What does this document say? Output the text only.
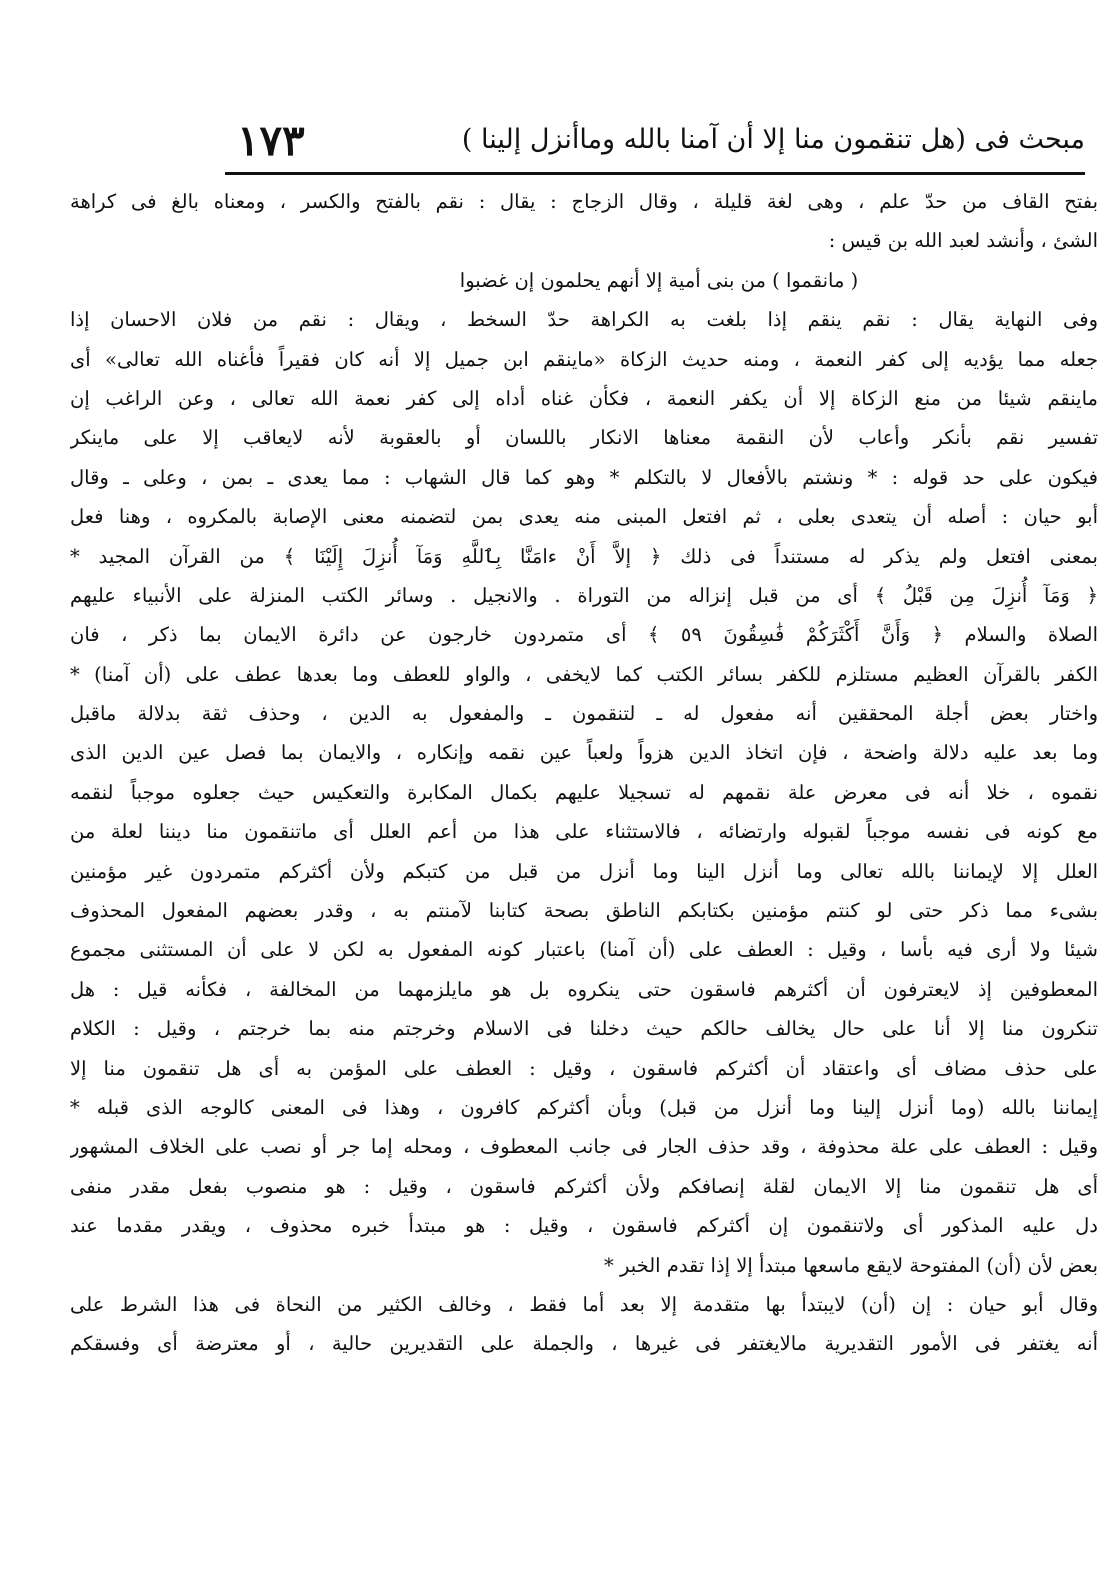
مبحث فى (هل تنقمون منا إلا أن آمنا بالله وماأنزل إلينا )
١٧٣
بفتح القاف من حدّ علم ، وهى لغة قليلة ، وقال الزجاج : يقال : نقم بالفتح والكسر ، ومعناه بالغ فى كراهة
الشئ ، وأنشد لعبد الله بن قيس :
( مانقموا ) من بنى أمية إلا أنهم يحلمون إن غضبوا
وفى النهاية يقال : نقم ينقم إذا بلغت به الكراهة حدّ السخط ، ويقال : نقم من فلان الاحسان إذا
جعله مما يؤديه إلى كفر النعمة ، ومنه حديث الزكاة «ماينقم ابن جميل إلا أنه كان فقيراً فأغناه الله تعالى» أى
ماينقم شيئا من منع الزكاة إلا أن يكفر النعمة ، فكأن غناه أداه إلى كفر نعمة الله تعالى ، وعن الراغب إن
تفسير نقم بأنكر وأعاب لأن النقمة معناها الانكار باللسان أو بالعقوبة لأنه لايعاقب إلا على ماينكر
فيكون على حد قوله : * ونشتم بالأفعال لا بالتكلم * وهو كما قال الشهاب : مما يعدى ـ بمن ، وعلى ـ وقال
أبو حيان : أصله أن يتعدى بعلى ، ثم افتعل المبنى منه يعدى بمن لتضمنه معنى الإصابة بالمكروه ، وهنا فعل
بمعنى افتعل ولم يذكر له مستنداً فى ذلك ﴿ إلاَّ أَنْ ءامَنَّا بِٱللَّهِ وَمَآ أُنزِلَ إِلَيْنَا ﴾ من القرآن المجيد *
﴿ وَمَآ أُنزِلَ مِن قَبْلُ ﴾ أى من قبل إنزاله من التوراة . والانجيل . وسائر الكتب المنزلة على الأنبياء عليهم
الصلاة والسلام ﴿ وَأَنَّ أَكْثَرَكُمْ فَٰسِقُونَ ٥٩ ﴾ أى متمردون خارجون عن دائرة الايمان بما ذكر ، فان
الكفر بالقرآن العظيم مستلزم للكفر بسائر الكتب كما لايخفى ، والواو للعطف وما بعدها عطف على (أن آمنا) *
واختار بعض أجلة المحققين أنه مفعول له ـ لتنقمون ـ والمفعول به الدين ، وحذف ثقة بدلالة ماقبل
وما بعد عليه دلالة واضحة ، فإن اتخاذ الدين هزواً ولعباً عين نقمه وإنكاره ، والايمان بما فصل عين الدين الذى
نقموه ، خلا أنه فى معرض علة نقمهم له تسجيلا عليهم بكمال المكابرة والتعكيس حيث جعلوه موجباً لنقمه
مع كونه فى نفسه موجباً لقبوله وارتضائه ، فالاستثناء على هذا من أعم العلل أى ماتنقمون منا ديننا لعلة من
العلل إلا لإيماننا بالله تعالى وما أنزل الينا وما أنزل من قبل من كتبكم ولأن أكثركم متمردون غير مؤمنين
بشىء مما ذكر حتى لو كنتم مؤمنين بكتابكم الناطق بصحة كتابنا لآمنتم به ، وقدر بعضهم المفعول المحذوف
شيئا ولا أرى فيه بأسا ، وقيل : العطف على (أن آمنا) باعتبار كونه المفعول به لكن لا على أن المستثنى مجموع
المعطوفين إذ لايعترفون أن أكثرهم فاسقون حتى ينكروه بل هو مايلزمهما من المخالفة ، فكأنه قيل : هل
تنكرون منا إلا أنا على حال يخالف حالكم حيث دخلنا فى الاسلام وخرجتم منه بما خرجتم ، وقيل : الكلام
على حذف مضاف أى واعتقاد أن أكثركم فاسقون ، وقيل : العطف على المؤمن به أى هل تنقمون منا إلا
إيماننا بالله (وما أنزل إلينا وما أنزل من قبل) وبأن أكثركم كافرون ، وهذا فى المعنى كالوجه الذى قبله *
وقيل : العطف على علة محذوفة ، وقد حذف الجار فى جانب المعطوف ، ومحله إما جر أو نصب على الخلاف المشهور
أى هل تنقمون منا إلا الايمان لقلة إنصافكم ولأن أكثركم فاسقون ، وقيل : هو منصوب بفعل مقدر منفى
دل عليه المذكور أى ولاتنقمون إن أكثركم فاسقون ، وقيل : هو مبتدأ خبره محذوف ، ويقدر مقدما عند
بعض لأن (أن) المفتوحة لايقع ماسعها مبتدأ إلا إذا تقدم الخبر *
وقال أبو حيان : إن (أن) لايبتدأ بها متقدمة إلا بعد أما فقط ، وخالف الكثير من النحاة فى هذا الشرط على
أنه يغتفر فى الأمور التقديرية مالايغتفر فى غيرها ، والجملة على التقديرين حالية ، أو معترضة أى وفسقكم
